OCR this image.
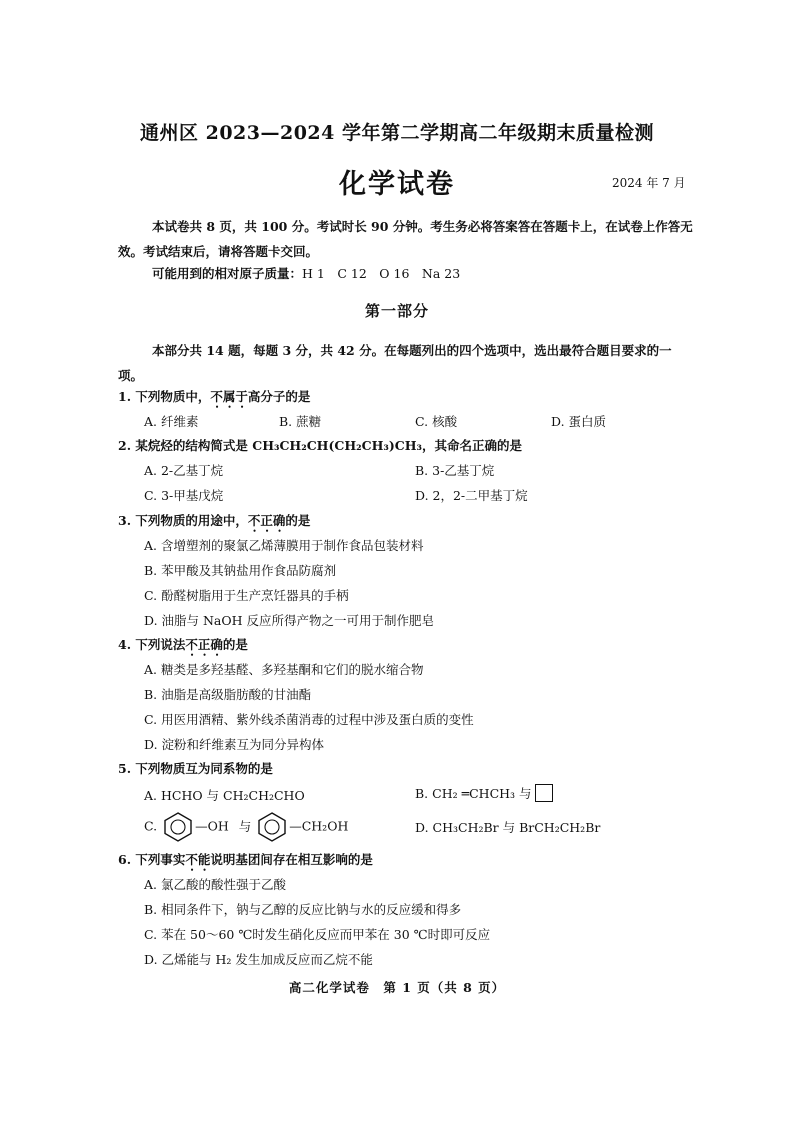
通州区 2023—2024 学年第二学期高二年级期末质量检测
化学试卷	2024 年 7 月
本试卷共 8 页，共 100 分。考试时长 90 分钟。考生务必将答案答在答题卡上，在试卷上作答无效。考试结束后，请将答题卡交回。
可能用到的相对原子质量：H 1　C 12　O 16　Na 23
第一部分
本部分共 14 题，每题 3 分，共 42 分。在每题列出的四个选项中，选出最符合题目要求的一项。
1. 下列物质中，不属于高分子的是
A. 纤维素	B. 蔗糖	C. 核酸	D. 蛋白质
2. 某烷烃的结构简式是 CH₃CH₂CH(CH₂CH₃)CH₃，其命名正确的是
A. 2-乙基丁烷	B. 3-乙基丁烷
C. 3-甲基戊烷	D. 2，2-二甲基丁烷
3. 下列物质的用途中，不正确的是
A. 含增塑剂的聚氯乙烯薄膜用于制作食品包装材料
B. 苯甲酸及其钠盐用作食品防腐剂
C. 酚醛树脂用于生产烹饪器具的手柄
D. 油脂与 NaOH 反应所得产物之一可用于制作肥皂
4. 下列说法不正确的是
A. 糖类是多羟基醛、多羟基酮和它们的脱水缩合物
B. 油脂是高级脂肪酸的甘油酯
C. 用医用酒精、紫外线杀菌消毒的过程中涉及蛋白质的变性
D. 淀粉和纤维素互为同分异构体
5. 下列物质互为同系物的是
A. HCHO 与 CH₂CH₂CHO	B. CH₂ ═CHCH₃ 与
C.	—OH 与	—CH₂OH	D. CH₃CH₂Br 与 BrCH₂CH₂Br
6. 下列事实不能说明基团间存在相互影响的是
A. 氯乙酸的酸性强于乙酸
B. 相同条件下，钠与乙醇的反应比钠与水的反应缓和得多
C. 苯在 50～60 ℃时发生硝化反应而甲苯在 30 ℃时即可反应
D. 乙烯能与 H₂ 发生加成反应而乙烷不能
高二化学试卷　第 1 页（共 8 页）
